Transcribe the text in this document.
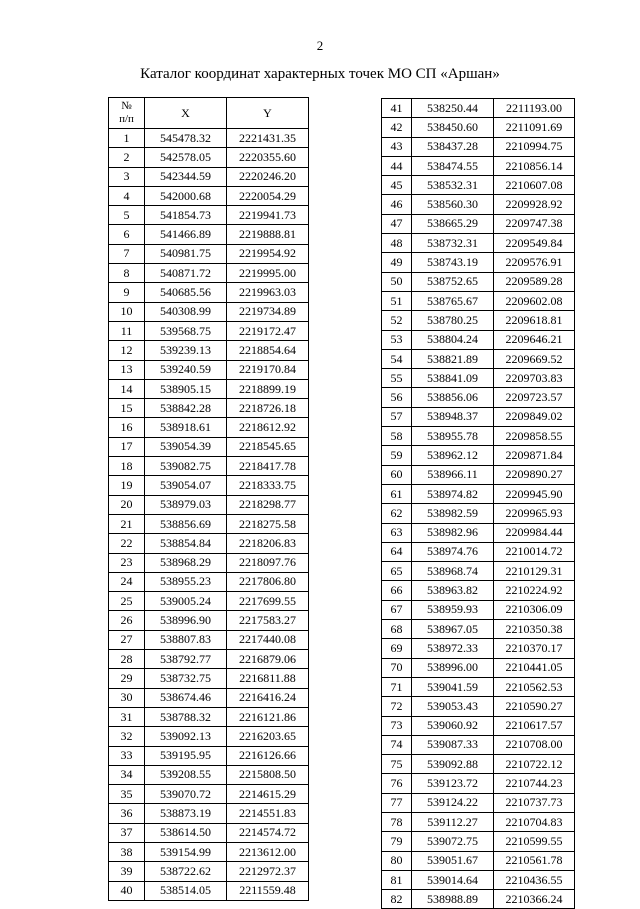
2
Каталог координат характерных точек МО СП «Аршан»
№
п/п	X	Y
1	545478.32	2221431.35
2	542578.05	2220355.60
3	542344.59	2220246.20
4	542000.68	2220054.29
5	541854.73	2219941.73
6	541466.89	2219888.81
7	540981.75	2219954.92
8	540871.72	2219995.00
9	540685.56	2219963.03
10	540308.99	2219734.89
11	539568.75	2219172.47
12	539239.13	2218854.64
13	539240.59	2219170.84
14	538905.15	2218899.19
15	538842.28	2218726.18
16	538918.61	2218612.92
17	539054.39	2218545.65
18	539082.75	2218417.78
19	539054.07	2218333.75
20	538979.03	2218298.77
21	538856.69	2218275.58
22	538854.84	2218206.83
23	538968.29	2218097.76
24	538955.23	2217806.80
25	539005.24	2217699.55
26	538996.90	2217583.27
27	538807.83	2217440.08
28	538792.77	2216879.06
29	538732.75	2216811.88
30	538674.46	2216416.24
31	538788.32	2216121.86
32	539092.13	2216203.65
33	539195.95	2216126.66
34	539208.55	2215808.50
35	539070.72	2214615.29
36	538873.19	2214551.83
37	538614.50	2214574.72
38	539154.99	2213612.00
39	538722.62	2212972.37
40	538514.05	2211559.48
41	538250.44	2211193.00
42	538450.60	2211091.69
43	538437.28	2210994.75
44	538474.55	2210856.14
45	538532.31	2210607.08
46	538560.30	2209928.92
47	538665.29	2209747.38
48	538732.31	2209549.84
49	538743.19	2209576.91
50	538752.65	2209589.28
51	538765.67	2209602.08
52	538780.25	2209618.81
53	538804.24	2209646.21
54	538821.89	2209669.52
55	538841.09	2209703.83
56	538856.06	2209723.57
57	538948.37	2209849.02
58	538955.78	2209858.55
59	538962.12	2209871.84
60	538966.11	2209890.27
61	538974.82	2209945.90
62	538982.59	2209965.93
63	538982.96	2209984.44
64	538974.76	2210014.72
65	538968.74	2210129.31
66	538963.82	2210224.92
67	538959.93	2210306.09
68	538967.05	2210350.38
69	538972.33	2210370.17
70	538996.00	2210441.05
71	539041.59	2210562.53
72	539053.43	2210590.27
73	539060.92	2210617.57
74	539087.33	2210708.00
75	539092.88	2210722.12
76	539123.72	2210744.23
77	539124.22	2210737.73
78	539112.27	2210704.83
79	539072.75	2210599.55
80	539051.67	2210561.78
81	539014.64	2210436.55
82	538988.89	2210366.24
